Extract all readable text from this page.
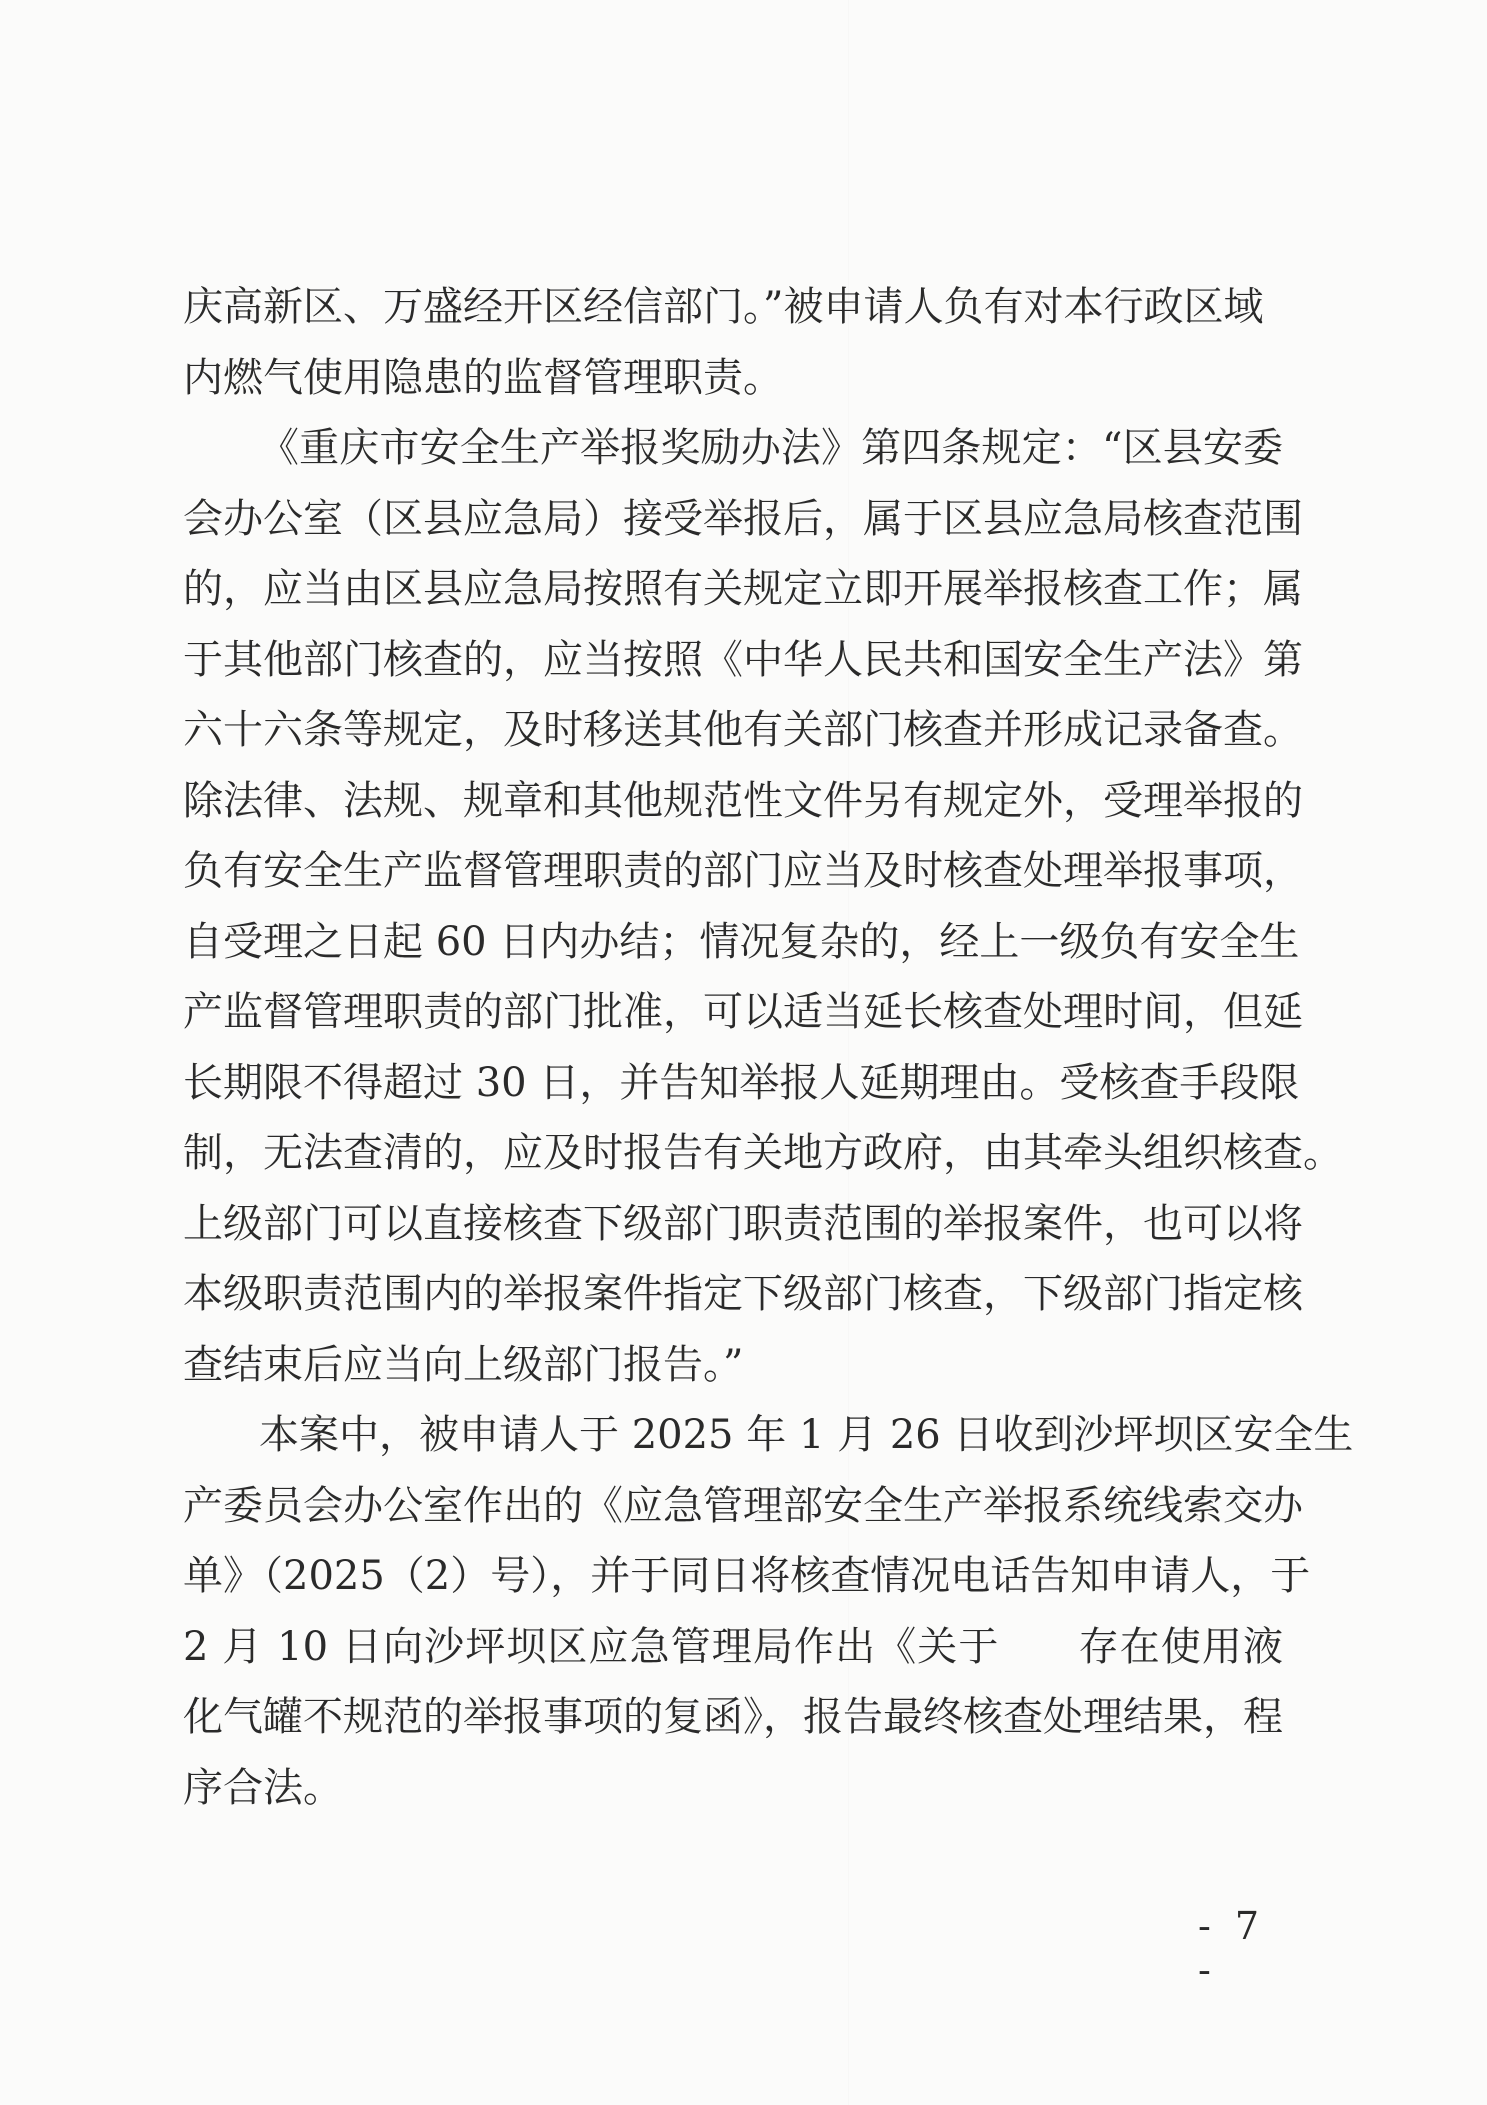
庆高新区、万盛经开区经信部门。”被申请人负有对本行政区域
内燃气使用隐患的监督管理职责。
《重庆市安全生产举报奖励办法》第四条规定：“区县安委
会办公室（区县应急局）接受举报后，属于区县应急局核查范围
的，应当由区县应急局按照有关规定立即开展举报核查工作；属
于其他部门核查的，应当按照《中华人民共和国安全生产法》第
六十六条等规定，及时移送其他有关部门核查并形成记录备查。
除法律、法规、规章和其他规范性文件另有规定外，受理举报的
负有安全生产监督管理职责的部门应当及时核查处理举报事项，
自受理之日起 60 日内办结；情况复杂的，经上一级负有安全生
产监督管理职责的部门批准，可以适当延长核查处理时间，但延
长期限不得超过 30 日，并告知举报人延期理由。受核查手段限
制，无法查清的，应及时报告有关地方政府，由其牵头组织核查。
上级部门可以直接核查下级部门职责范围的举报案件，也可以将
本级职责范围内的举报案件指定下级部门核查，下级部门指定核
查结束后应当向上级部门报告。”
本案中，被申请人于 2025 年 1 月 26 日收到沙坪坝区安全生
产委员会办公室作出的《应急管理部安全生产举报系统线索交办
单》（2025（2）号），并于同日将核查情况电话告知申请人，于
2 月 10 日向沙坪坝区应急管理局作出《关于 存在使用液
化气罐不规范的举报事项的复函》，报告最终核查处理结果，程
序合法。
- 7 -
